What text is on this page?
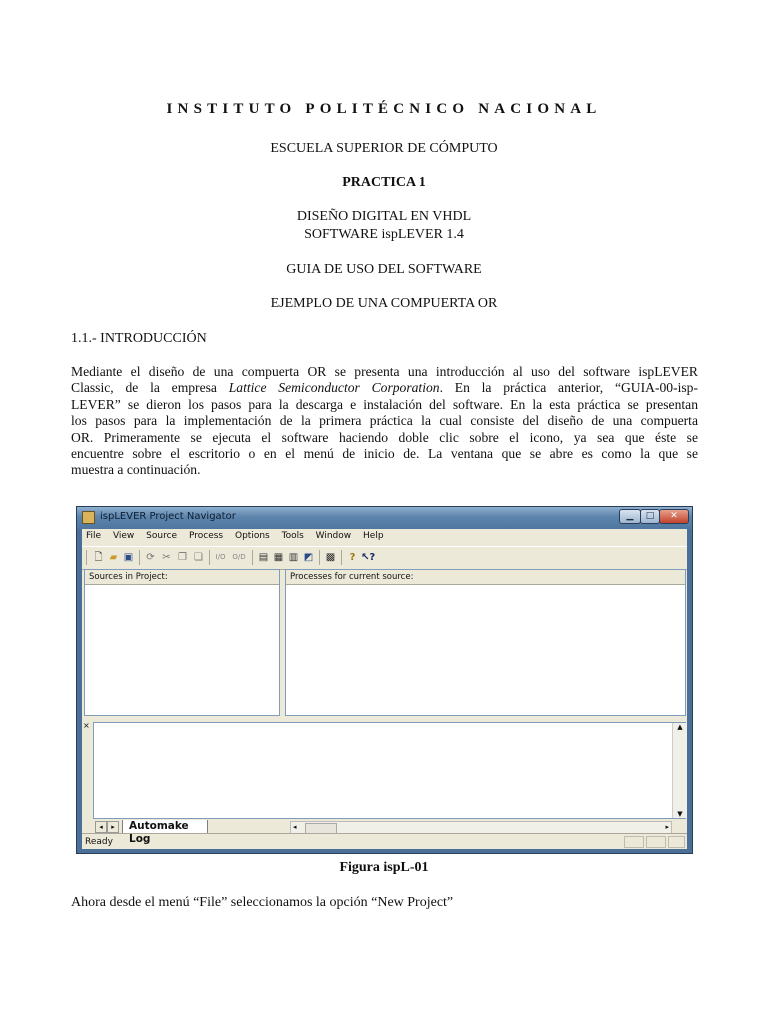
INSTITUTO POLITÉCNICO NACIONAL
ESCUELA SUPERIOR DE CÓMPUTO
PRACTICA 1
DISEÑO DIGITAL EN VHDL
SOFTWARE ispLEVER 1.4
GUIA DE USO DEL SOFTWARE
EJEMPLO DE UNA COMPUERTA OR
1.1.- INTRODUCCIÓN
Mediante el diseño de una compuerta OR se presenta una introducción al uso del software ispLEVER
Classic, de la empresa Lattice Semiconductor Corporation. En la práctica anterior, “GUIA-00-isp-
LEVER” se dieron los pasos para la descarga e instalación del software. En la esta práctica se presentan
los pasos para la implementación de la primera práctica la cual consiste del diseño de una compuerta
OR. Primeramente se ejecuta el software haciendo doble clic sobre el icono, ya sea que éste se
encuentre sobre el escritorio o en el menú de inicio de. La ventana que se abre es como la que se
muestra a continuación.
ispLEVER Project Navigator	▁	□	✕
File View Source Process Options Tools Window Help
🗋 ▰ ▣ ⟳ ✂ ❐ ❏	I/O O/D ▤ ▦ ▥ ◩ ▩	? ↖?
Sources in Project:	Processes for current source:
×	▲
▼
◂	▸	Automake Log
◂	▸
Ready
Figura ispL-01
Ahora desde el menú “File” seleccionamos la opción “New Project”
